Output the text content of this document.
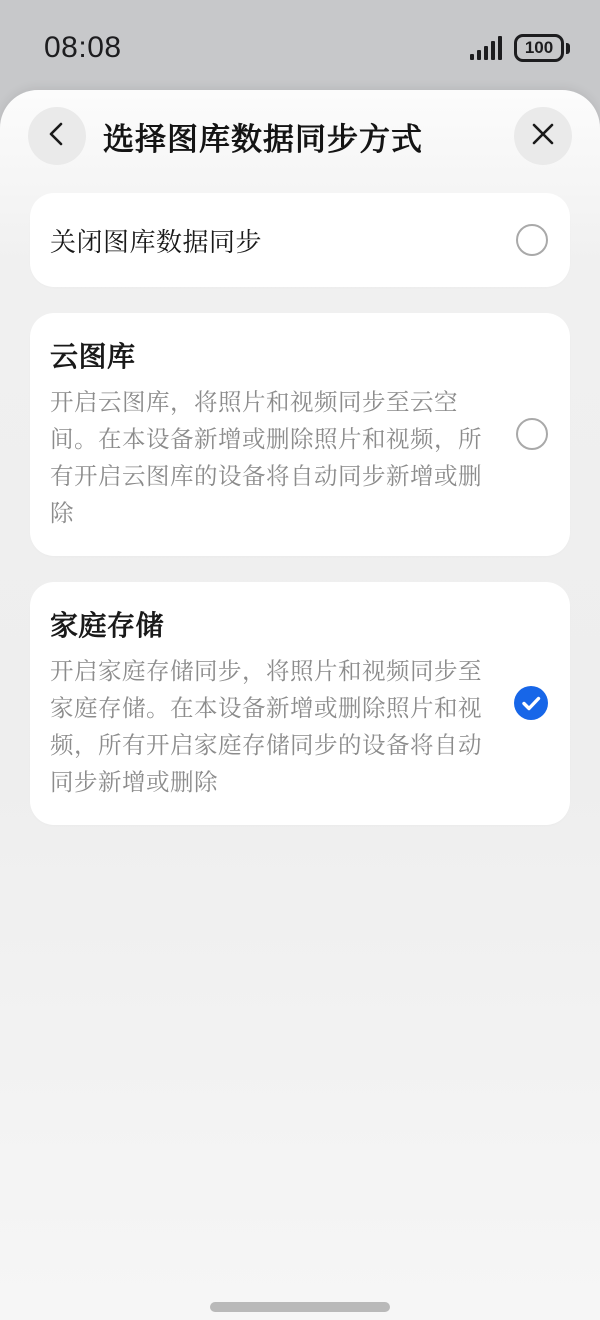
08:08	100
选择图库数据同步方式
关闭图库数据同步
云图库
开启云图库，将照片和视频同步至云空间。在本设备新增或删除照片和视频，所有开启云图库的设备将自动同步新增或删除
家庭存储
开启家庭存储同步，将照片和视频同步至家庭存储。在本设备新增或删除照片和视频，所有开启家庭存储同步的设备将自动同步新增或删除
